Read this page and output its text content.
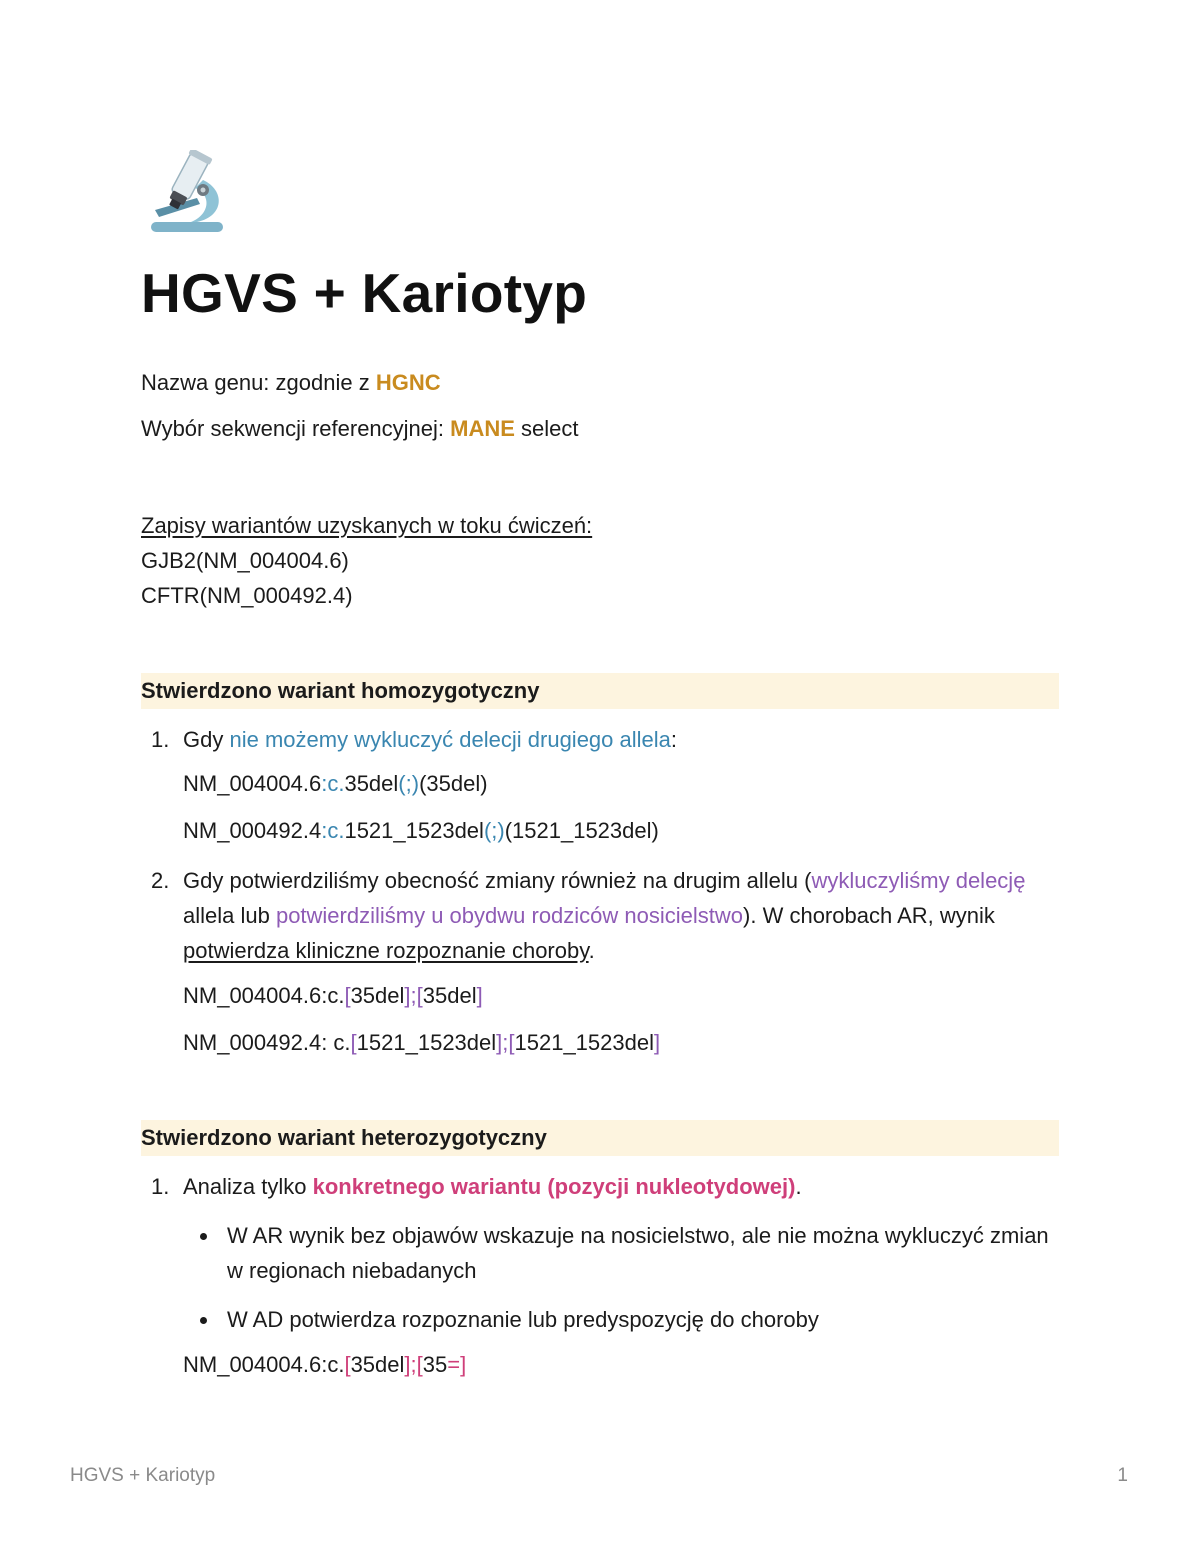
HGVS + Kariotyp

Nazwa genu: zgodnie z HGNC

Wybór sekwencji referencyjnej: MANE select

Zapisy wariantów uzyskanych w toku ćwiczeń:

GJB2(NM_004004.6)

CFTR(NM_000492.4)

Stwierdzono wariant homozygotyczny
1. Gdy nie możemy wykluczyć delecji drugiego allela:
NM_004004.6:c.35del(;)(35del)
NM_000492.4:c.1521_1523del(;)(1521_1523del)
2. Gdy potwierdziliśmy obecność zmiany również na drugim allelu (wykluczyliśmy delecję allela lub potwierdziliśmy u obydwu rodziców nosicielstwo). W chorobach AR, wynik potwierdza kliniczne rozpoznanie choroby.
NM_004004.6:c.[35del];[35del]
NM_000492.4: c.[1521_1523del];[1521_1523del]
Stwierdzono wariant heterozygotyczny
1. Analiza tylko konkretnego wariantu (pozycji nukleotydowej).
W AR wynik bez objawów wskazuje na nosicielstwo, ale nie można wykluczyć zmian w regionach niebadanych
W AD potwierdza rozpoznanie lub predyspozycję do choroby
NM_004004.6:c.[35del];[35=]
HGVS + Kariotyp	1
